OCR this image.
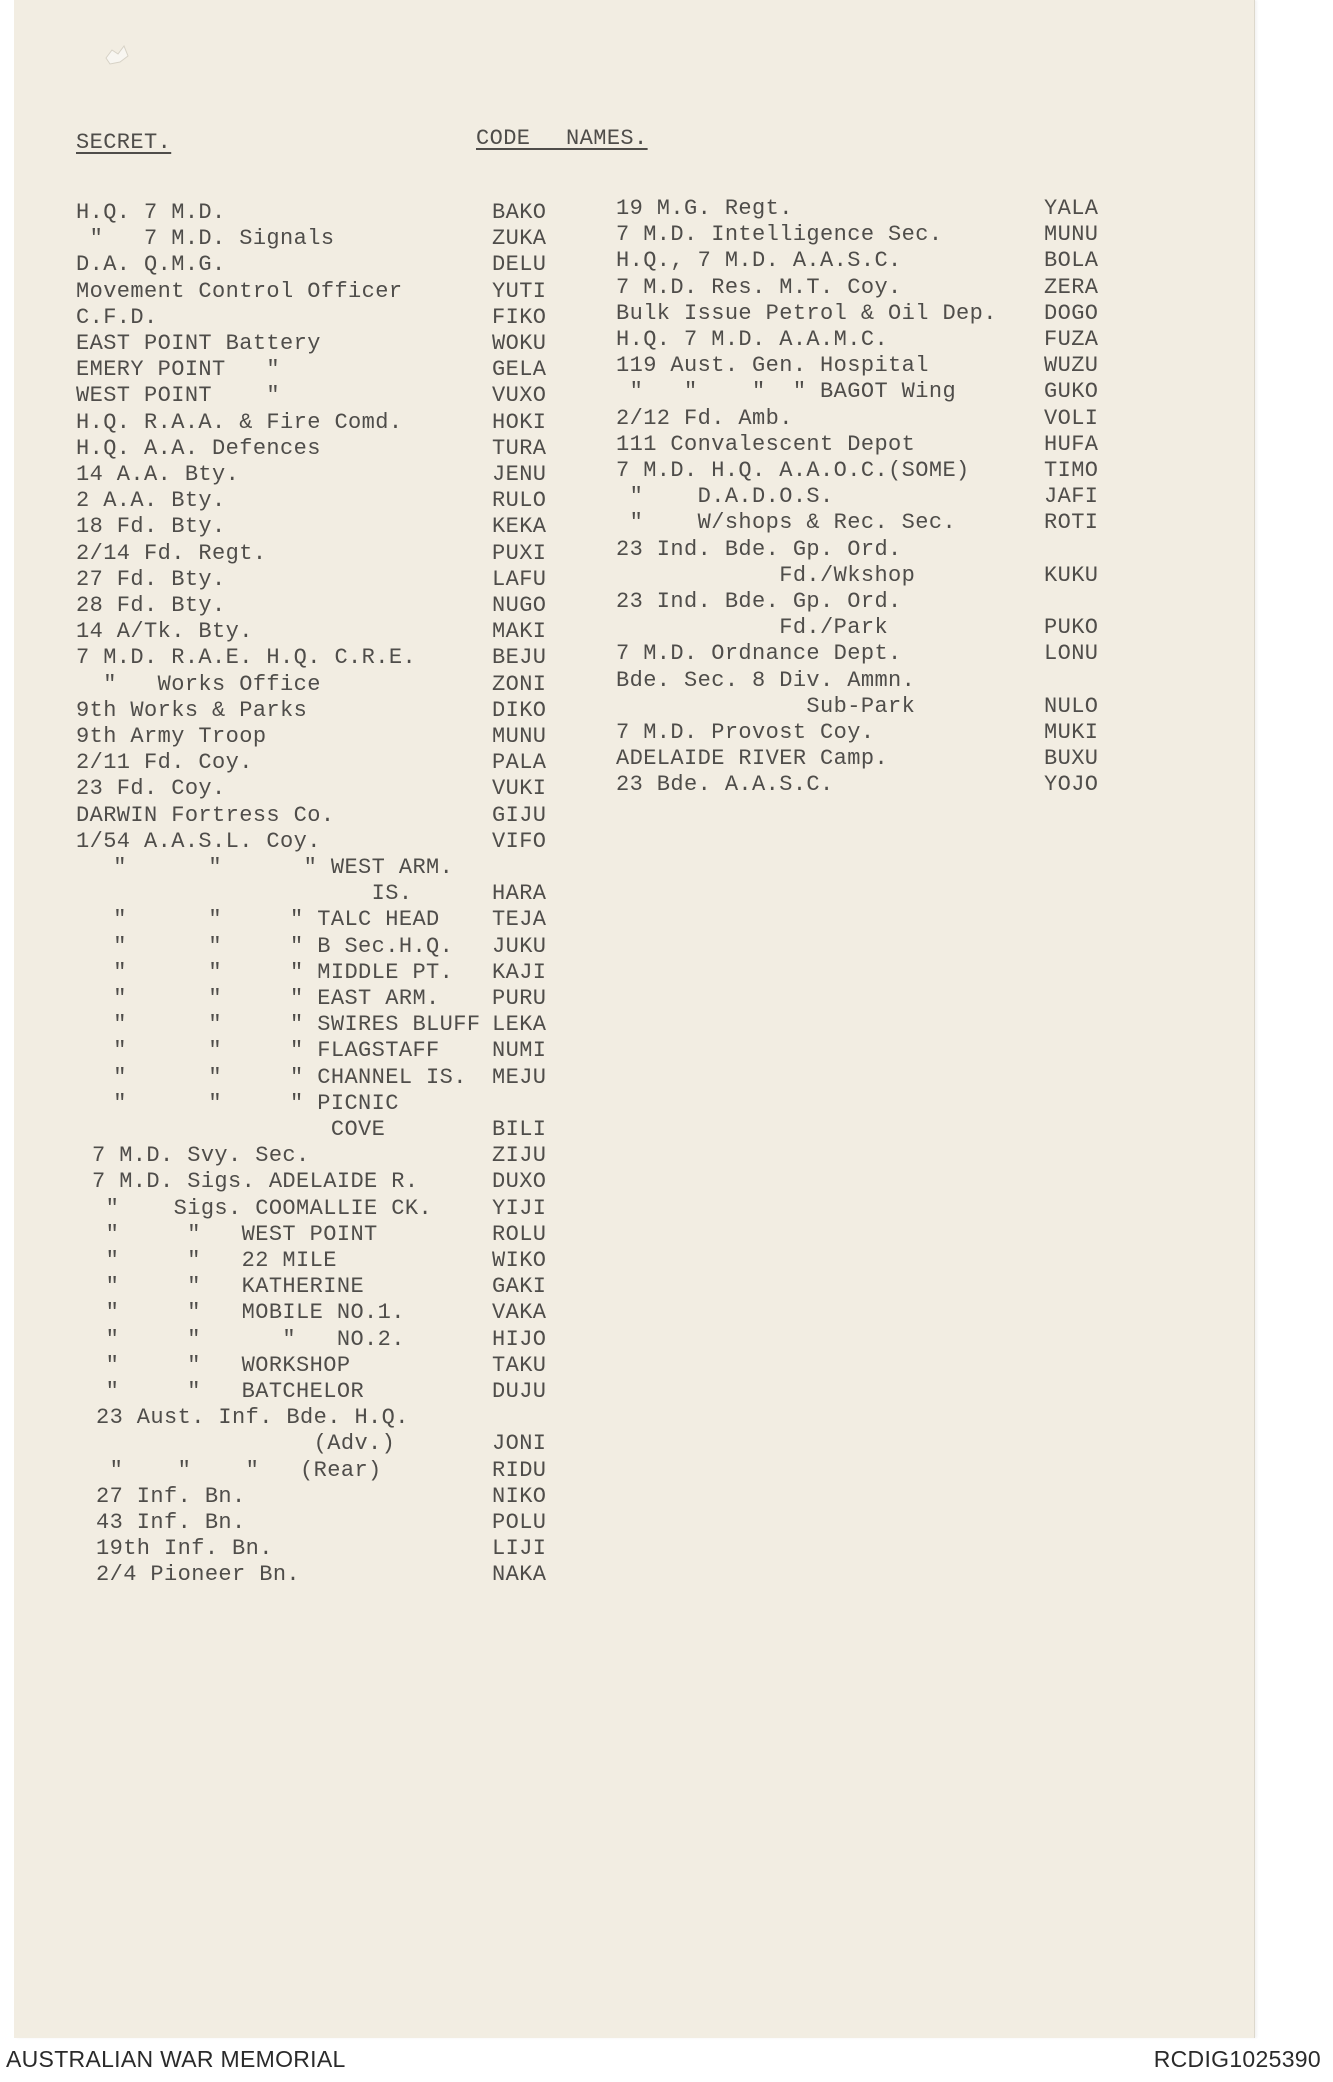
SECRET.	CODE NAMES.
H.Q. 7 M.D.	BAKO
"   7 M.D. Signals	ZUKA
D.A. Q.M.G.	DELU
Movement Control Officer	YUTI
C.F.D.	FIKO
EAST POINT Battery	WOKU
EMERY POINT   "	GELA
WEST POINT    "	VUXO
H.Q. R.A.A. & Fire Comd.	HOKI
H.Q. A.A. Defences	TURA
14 A.A. Bty.	JENU
2 A.A. Bty.	RULO
18 Fd. Bty.	KEKA
2/14 Fd. Regt.	PUXI
27 Fd. Bty.	LAFU
28 Fd. Bty.	NUGO
14 A/Tk. Bty.	MAKI
7 M.D. R.A.E. H.Q. C.R.E.	BEJU
"   Works Office	ZONI
9th Works & Parks	DIKO
9th Army Troop	MUNU
2/11 Fd. Coy.	PALA
23 Fd. Coy.	VUKI
DARWIN Fortress Co.	GIJU
1/54 A.A.S.L. Coy.	VIFO
"      "      " WEST ARM.
IS.	HARA
"      "     " TALC HEAD TEJA
"      "     " B Sec.H.Q. JUKU
"      "     " MIDDLE PT. KAJI
"      "     " EAST ARM. PURU
"      "     " SWIRES BLUFF LEKA
"      "     " FLAGSTAFF NUMI
"      "     " CHANNEL IS. MEJU
"      "     " PICNIC
COVE	BILI
7 M.D. Svy. Sec.	ZIJU
7 M.D. Sigs. ADELAIDE R.	DUXO
"    Sigs. COOMALLIE CK.	YIJI
"     "   WEST POINT	ROLU
"     "   22 MILE	WIKO
"     "   KATHERINE	GAKI
"     "   MOBILE NO.1.	VAKA
"     "      "   NO.2.	HIJO
"     "   WORKSHOP	TAKU
"     "   BATCHELOR	DUJU
23 Aust. Inf. Bde. H.Q.
(Adv.)	JONI
"    "    "   (Rear)	RIDU
27 Inf. Bn.	NIKO
43 Inf. Bn.	POLU
19th Inf. Bn.	LIJI
2/4 Pioneer Bn.	NAKA
19 M.G. Regt.	YALA
7 M.D. Intelligence Sec.	MUNU
H.Q., 7 M.D. A.A.S.C.	BOLA
7 M.D. Res. M.T. Coy.	ZERA
Bulk Issue Petrol & Oil Dep. DOGO
H.Q. 7 M.D. A.A.M.C.	FUZA
119 Aust. Gen. Hospital	WUZU
"   "    "  " BAGOT Wing	GUKO
2/12 Fd. Amb.	VOLI
111 Convalescent Depot	HUFA
7 M.D. H.Q. A.A.O.C.(SOME)	TIMO
"    D.A.D.O.S.	JAFI
"    W/shops & Rec. Sec.	ROTI
23 Ind. Bde. Gp. Ord.
Fd./Wkshop	KUKU
23 Ind. Bde. Gp. Ord.
Fd./Park	PUKO
7 M.D. Ordnance Dept.	LONU
Bde. Sec. 8 Div. Ammn.
Sub-Park	NULO
7 M.D. Provost Coy.	MUKI
ADELAIDE RIVER Camp.	BUXU
23 Bde. A.A.S.C.	YOJO
AUSTRALIAN WAR MEMORIAL	RCDIG1025390
